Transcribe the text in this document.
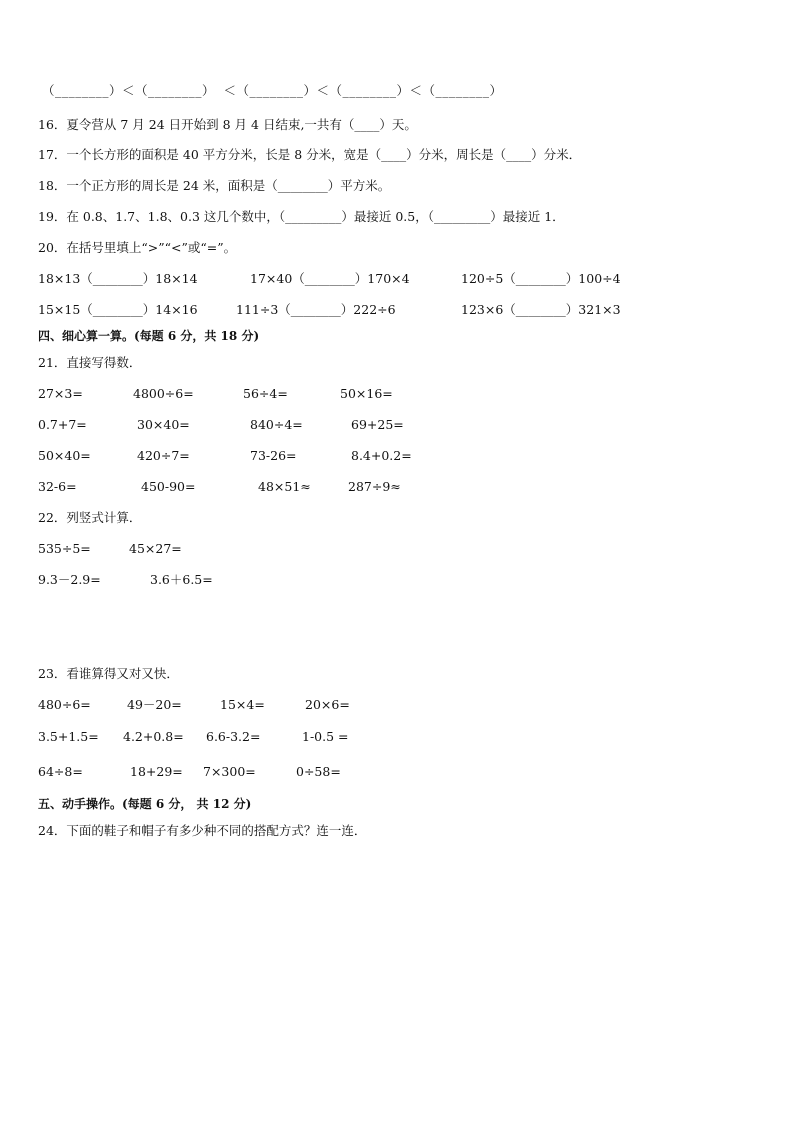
（________）＜（________） ＜（________）＜（________）＜（________）
16．夏令营从 7 月 24 日开始到 8 月 4 日结束,一共有（____）天。
17．一个长方形的面积是 40 平方分米，长是 8 分米，宽是（____）分米，周长是（____）分米．
18．一个正方形的周长是 24 米，面积是（________）平方米。
19．在 0.8、1.7、1.8、0.3 这几个数中，（_________）最接近 0.5，（_________）最接近 1．
20．在括号里填上“>”“<”或“=”。
18×13（________）18×14	17×40（________）170×4	120÷5（________）100÷4
15×15（________）14×16	111÷3（________）222÷6	123×6（________）321×3
四、细心算一算。(每题 6 分，共 18 分)
21．直接写得数．
27×3=	4800÷6=	56÷4=	50×16=
0.7+7=	30×40=	840÷4=	69+25=
50×40=	420÷7=	73-26=	8.4+0.2=
32-6=	450-90=	48×51≈	287÷9≈
22．列竖式计算．
535÷5=	45×27=
9.3－2.9=	3.6＋6.5=
23．看谁算得又对又快．
480÷6=	49－20=	15×4=	20×6=
3.5+1.5= 4.2+0.8= 6.6-3.2=	1-0.5 =
64÷8=	18+29= 7×300=	0÷58=
五、动手操作。(每题 6 分， 共 12 分)
24．下面的鞋子和帽子有多少种不同的搭配方式？连一连．
